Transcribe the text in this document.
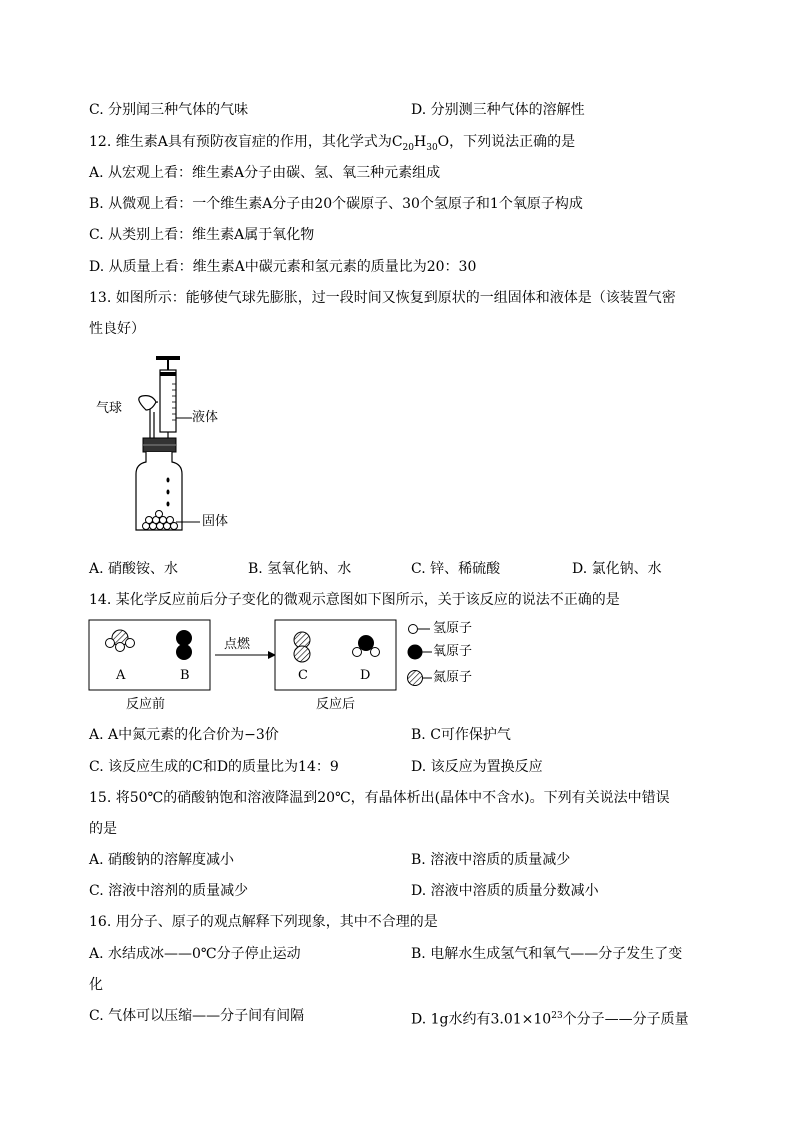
C. 分别闻三种气体的气味	D. 分别测三种气体的溶解性
12. 维生素A具有预防夜盲症的作用，其化学式为$C_{20}H_{30}O$，下列说法正确的是
A. 从宏观上看：维生素A分子由碳、氢、氧三种元素组成
B. 从微观上看：一个维生素A分子由20个碳原子、30个氢原子和1个氧原子构成
C. 从类别上看：维生素A属于氧化物
D. 从质量上看：维生素A中碳元素和氢元素的质量比为20：30
13. 如图所示：能够使气球先膨胀，过一段时间又恢复到原状的一组固体和液体是（该装置气密
性良好）
气球
液体
固体
A. 硝酸铵、水	B. 氢氧化钠、水	C. 锌、稀硫酸	D. 氯化钠、水
14. 某化学反应前后分子变化的微观示意图如下图所示，关于该反应的说法不正确的是
A	B	C	D
点燃
反应前	反应后
氢原子
氧原子
氮原子
A. A中氮元素的化合价为−3价	B. C可作保护气
C. 该反应生成的C和D的质量比为14：9	D. 该反应为置换反应
15. 将50℃的硝酸钠饱和溶液降温到20℃，有晶体析出(晶体中不含水)。下列有关说法中错误
的是
A. 硝酸钠的溶解度减小	B. 溶液中溶质的质量减少
C. 溶液中溶剂的质量减少	D. 溶液中溶质的质量分数减小
16. 用分子、原子的观点解释下列现象，其中不合理的是
A. 水结成冰——0℃分子停止运动	B. 电解水生成氢气和氧气——分子发生了变
化
C. 气体可以压缩——分子间有间隔	D. 1g水约有$3.01\times 10^{23}$个分子——分子质量
